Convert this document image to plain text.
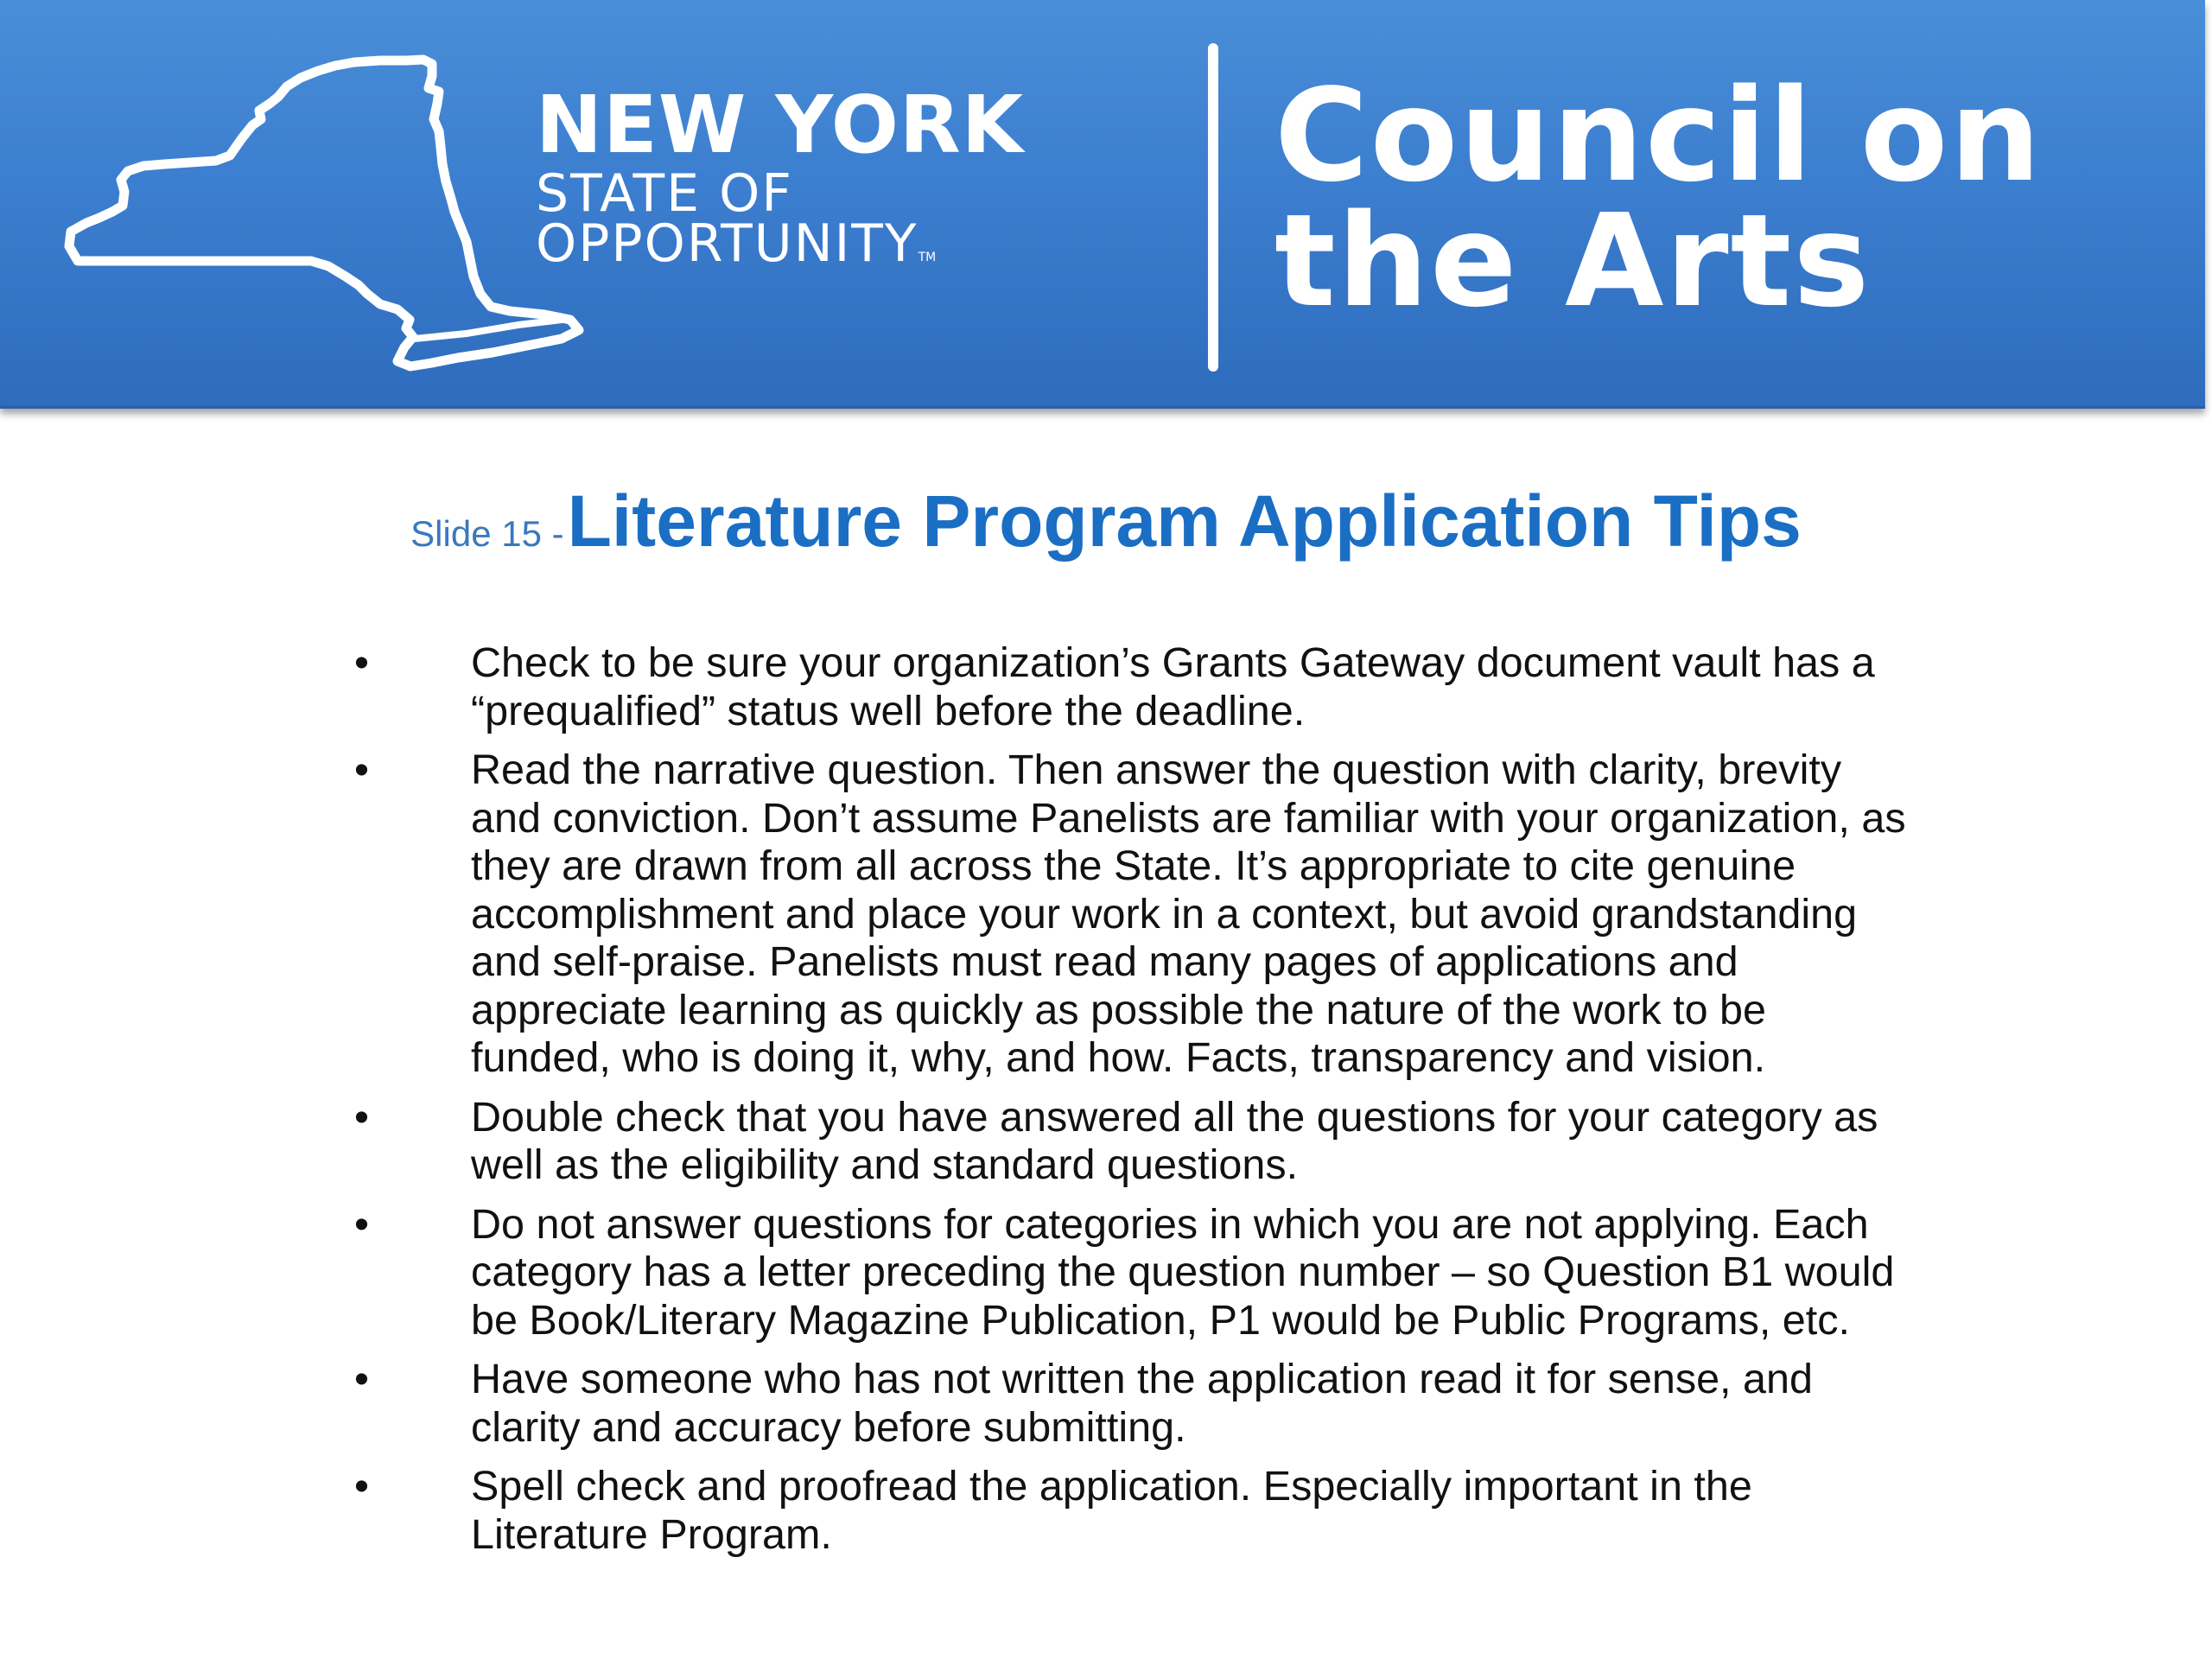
NEW YORK
STATE OF
OPPORTUNITYTM
Council on
the Arts
Slide 15 - Literature Program Application Tips
• Check to be sure your organization’s Grants Gateway document vault has a “prequalified” status well before the deadline.
• Read the narrative question. Then answer the question with clarity, brevity and conviction. Don’t assume Panelists are familiar with your organization, as they are drawn from all across the State. It’s appropriate to cite genuine accomplishment and place your work in a context, but avoid grandstanding and self-praise. Panelists must read many pages of applications and appreciate learning as quickly as possible the nature of the work to be funded, who is doing it, why, and how. Facts, transparency and vision.
• Double check that you have answered all the questions for your category as well as the eligibility and standard questions.
• Do not answer questions for categories in which you are not applying. Each category has a letter preceding the question number – so Question B1 would be Book/Literary Magazine Publication, P1 would be Public Programs, etc.
• Have someone who has not written the application read it for sense, and clarity and accuracy before submitting.
• Spell check and proofread the application. Especially important in the Literature Program.
